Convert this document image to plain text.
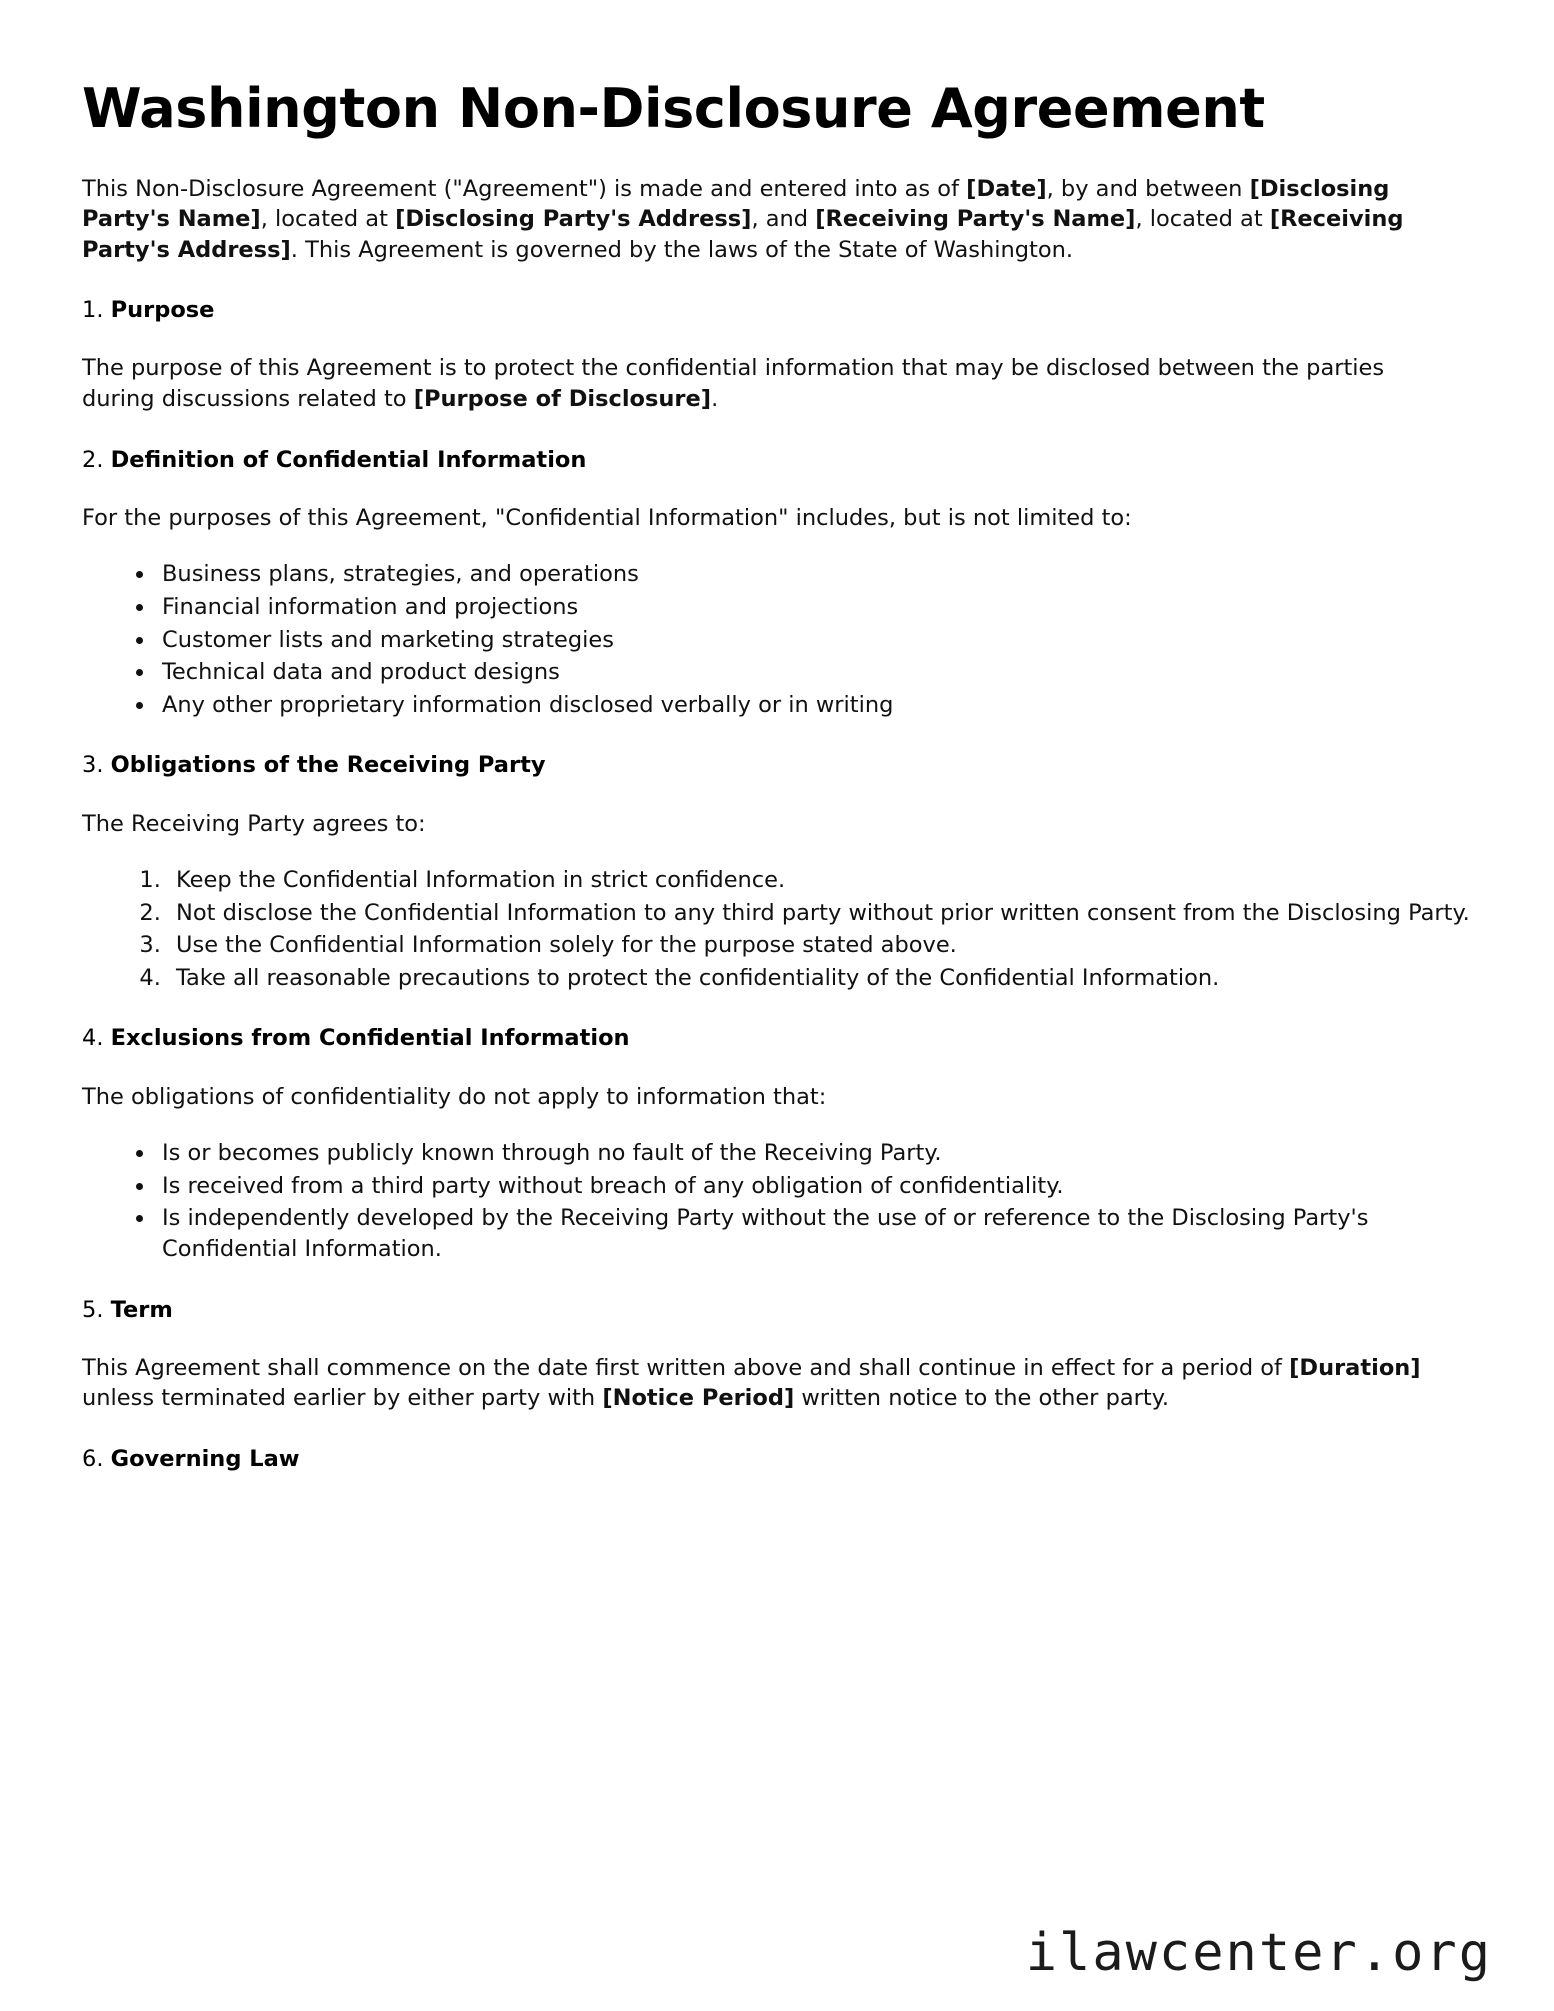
Washington Non-Disclosure Agreement

This Non-Disclosure Agreement ("Agreement") is made and entered into as of [Date], by and between [Disclosing Party's Name], located at [Disclosing Party's Address], and [Receiving Party's Name], located at [Receiving Party's Address]. This Agreement is governed by the laws of the State of Washington.

1. Purpose

The purpose of this Agreement is to protect the confidential information that may be disclosed between the parties during discussions related to [Purpose of Disclosure].

2. Definition of Confidential Information

For the purposes of this Agreement, "Confidential Information" includes, but is not limited to:

• Business plans, strategies, and operations
• Financial information and projections
• Customer lists and marketing strategies
• Technical data and product designs
• Any other proprietary information disclosed verbally or in writing
3. Obligations of the Receiving Party

The Receiving Party agrees to:

1. Keep the Confidential Information in strict confidence.
2. Not disclose the Confidential Information to any third party without prior written consent from the Disclosing Party.
3. Use the Confidential Information solely for the purpose stated above.
4. Take all reasonable precautions to protect the confidentiality of the Confidential Information.
4. Exclusions from Confidential Information

The obligations of confidentiality do not apply to information that:

• Is or becomes publicly known through no fault of the Receiving Party.
• Is received from a third party without breach of any obligation of confidentiality.
• Is independently developed by the Receiving Party without the use of or reference to the Disclosing Party's Confidential Information.
5. Term

This Agreement shall commence on the date first written above and shall continue in effect for a period of [Duration] unless terminated earlier by either party with [Notice Period] written notice to the other party.

6. Governing Law
ilawcenter.org
